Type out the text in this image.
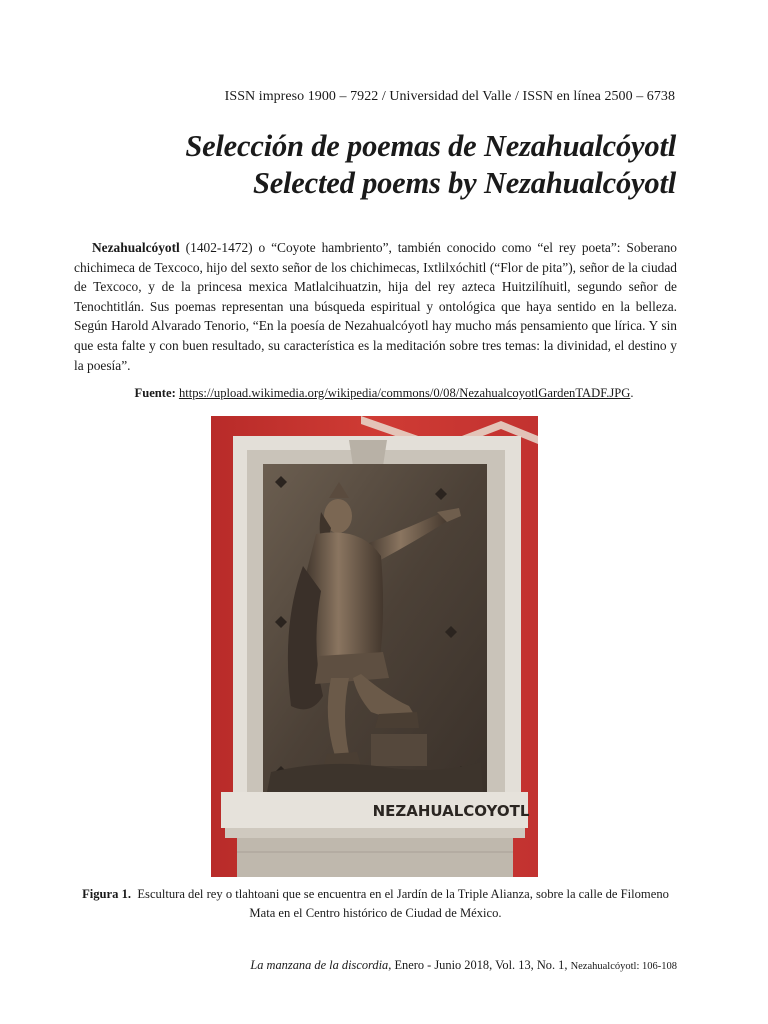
ISSN impreso 1900 – 7922 / Universidad del Valle / ISSN en línea 2500 – 6738
Selección de poemas de Nezahualcóyotl
Selected poems by Nezahualcóyotl

Nezahualcóyotl (1402-1472) o “Coyote hambriento”, también conocido como “el rey poeta”: Soberano chichimeca de Texcoco, hijo del sexto señor de los chichimecas, Ixtlilxóchitl (“Flor de pita”), señor de la ciudad de Texcoco, y de la princesa mexica Matlalcihuatzin, hija del rey azteca Huitzilíhuitl, segundo señor de Tenochtitlán. Sus poemas representan una búsqueda espiritual y ontológica que haya sentido en la belleza. Según Harold Alvarado Tenorio, “En la poesía de Nezahualcóyotl hay mucho más pensamiento que lírica. Y sin que esta falte y con buen resultado, su característica es la meditación sobre tres temas: la divinidad, el destino y la poesía”.

Fuente: https://upload.wikimedia.org/wikipedia/commons/0/08/NezahualcoyotlGardenTADF.JPG.
NEZAHUALCOYOTL
Figura 1. Escultura del rey o tlahtoani que se encuentra en el Jardín de la Triple Alianza, sobre la calle de Filomeno Mata en el Centro histórico de Ciudad de México.
La manzana de la discordia, Enero - Junio 2018, Vol. 13, No. 1, Nezahualcóyotl: 106-108
